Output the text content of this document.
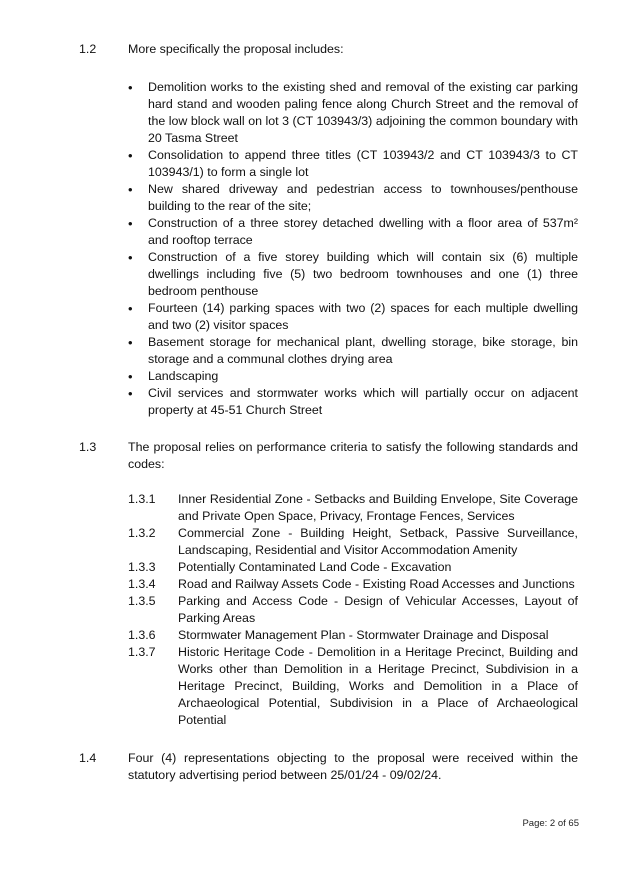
1.2	More specifically the proposal includes:
• Demolition works to the existing shed and removal of the existing car parking hard stand and wooden paling fence along Church Street and the removal of the low block wall on lot 3 (CT 103943/3) adjoining the common boundary with 20 Tasma Street
• Consolidation to append three titles (CT 103943/2 and CT 103943/3 to CT 103943/1) to form a single lot
• New shared driveway and pedestrian access to townhouses/penthouse building to the rear of the site;
• Construction of a three storey detached dwelling with a floor area of 537m² and rooftop terrace
• Construction of a five storey building which will contain six (6) multiple dwellings including five (5) two bedroom townhouses and one (1) three bedroom penthouse
• Fourteen (14) parking spaces with two (2) spaces for each multiple dwelling and two (2) visitor spaces
• Basement storage for mechanical plant, dwelling storage, bike storage, bin storage and a communal clothes drying area
• Landscaping
• Civil services and stormwater works which will partially occur on adjacent property at 45-51 Church Street
1.3	The proposal relies on performance criteria to satisfy the following standards and codes:
1.3.1 Inner Residential Zone - Setbacks and Building Envelope, Site Coverage and Private Open Space, Privacy, Frontage Fences, Services
1.3.2 Commercial Zone - Building Height, Setback, Passive Surveillance, Landscaping, Residential and Visitor Accommodation Amenity
1.3.3 Potentially Contaminated Land Code - Excavation
1.3.4 Road and Railway Assets Code - Existing Road Accesses and Junctions
1.3.5 Parking and Access Code - Design of Vehicular Accesses, Layout of Parking Areas
1.3.6 Stormwater Management Plan - Stormwater Drainage and Disposal
1.3.7 Historic Heritage Code - Demolition in a Heritage Precinct, Building and Works other than Demolition in a Heritage Precinct, Subdivision in a Heritage Precinct, Building, Works and Demolition in a Place of Archaeological Potential, Subdivision in a Place of Archaeological Potential
1.4	Four (4) representations objecting to the proposal were received within the statutory advertising period between 25/01/24 - 09/02/24.
Page: 2 of 65
